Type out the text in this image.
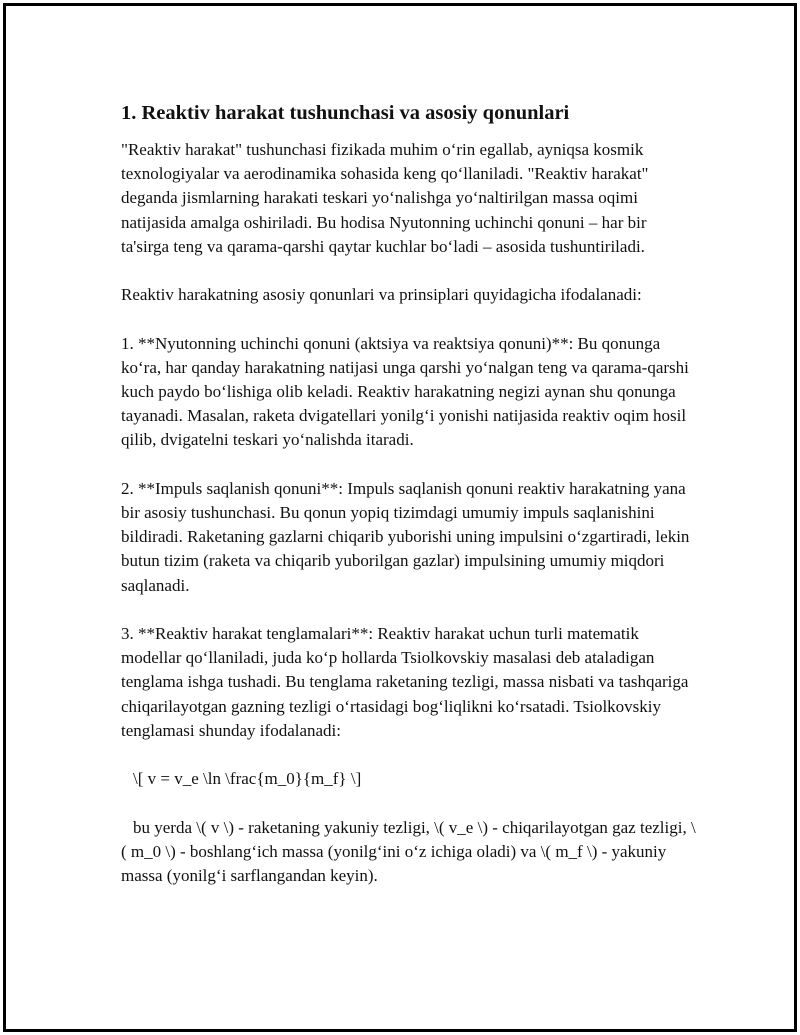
1. Reaktiv harakat tushunchasi va asosiy qonunlari

"Reaktiv harakat" tushunchasi fizikada muhim o‘rin egallab, ayniqsa kosmik texnologiyalar va aerodinamika sohasida keng qo‘llaniladi. "Reaktiv harakat" deganda jismlarning harakati teskari yo‘nalishga yo‘naltirilgan massa oqimi natijasida amalga oshiriladi. Bu hodisa Nyutonning uchinchi qonuni – har bir ta'sirga teng va qarama-qarshi qaytar kuchlar bo‘ladi – asosida tushuntiriladi.

Reaktiv harakatning asosiy qonunlari va prinsiplari quyidagicha ifodalanadi:

1. **Nyutonning uchinchi qonuni (aktsiya va reaktsiya qonuni)**: Bu qonunga ko‘ra, har qanday harakatning natijasi unga qarshi yo‘nalgan teng va qarama-qarshi kuch paydo bo‘lishiga olib keladi. Reaktiv harakatning negizi aynan shu qonunga tayanadi. Masalan, raketa dvigatellari yonilg‘i yonishi natijasida reaktiv oqim hosil qilib, dvigatelni teskari yo‘nalishda itaradi.

2. **Impuls saqlanish qonuni**: Impuls saqlanish qonuni reaktiv harakatning yana bir asosiy tushunchasi. Bu qonun yopiq tizimdagi umumiy impuls saqlanishini bildiradi. Raketaning gazlarni chiqarib yuborishi uning impulsini o‘zgartiradi, lekin butun tizim (raketa va chiqarib yuborilgan gazlar) impulsining umumiy miqdori saqlanadi.

3. **Reaktiv harakat tenglamalari**: Reaktiv harakat uchun turli matematik modellar qo‘llaniladi, juda ko‘p hollarda Tsiolkovskiy masalasi deb ataladigan tenglama ishga tushadi. Bu tenglama raketaning tezligi, massa nisbati va tashqariga chiqarilayotgan gazning tezligi o‘rtasidagi bog‘liqlikni ko‘rsatadi. Tsiolkovskiy tenglamasi shunday ifodalanadi:

\[ v = v_e \ln \frac{m_0}{m_f} \]

bu yerda \( v \) - raketaning yakuniy tezligi, \( v_e \) - chiqarilayotgan gaz tezligi, \( m_0 \) - boshlang‘ich massa (yonilg‘ini o‘z ichiga oladi) va \( m_f \) - yakuniy massa (yonilg‘i sarflangandan keyin).
